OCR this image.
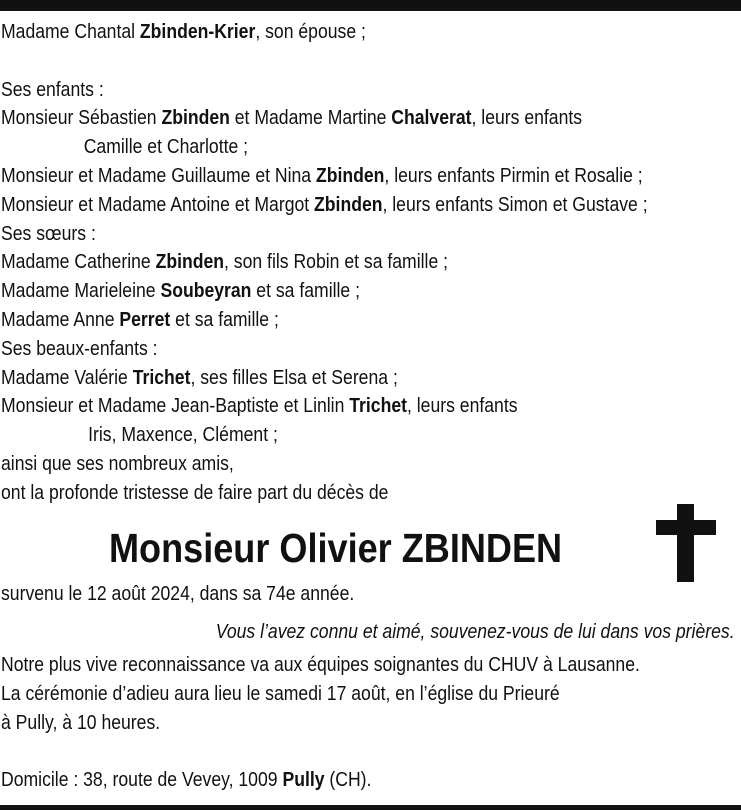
Madame Chantal Zbinden-Krier, son épouse ;
Ses enfants :
Monsieur Sébastien Zbinden et Madame Martine Chalverat, leurs enfants
Camille et Charlotte ;
Monsieur et Madame Guillaume et Nina Zbinden, leurs enfants Pirmin et Rosalie ;
Monsieur et Madame Antoine et Margot Zbinden, leurs enfants Simon et Gustave ;
Ses sœurs :
Madame Catherine Zbinden, son fils Robin et sa famille ;
Madame Marieleine Soubeyran et sa famille ;
Madame Anne Perret et sa famille ;
Ses beaux-enfants :
Madame Valérie Trichet, ses filles Elsa et Serena ;
Monsieur et Madame Jean-Baptiste et Linlin Trichet, leurs enfants
Iris, Maxence, Clément ;
ainsi que ses nombreux amis,
ont la profonde tristesse de faire part du décès de
Monsieur Olivier ZBINDEN
survenu le 12 août 2024, dans sa 74e année.
Vous l’avez connu et aimé, souvenez-vous de lui dans vos prières.
Notre plus vive reconnaissance va aux équipes soignantes du CHUV à Lausanne.
La cérémonie d’adieu aura lieu le samedi 17 août, en l’église du Prieuré
à Pully, à 10 heures.
Domicile : 38, route de Vevey, 1009 Pully (CH).
